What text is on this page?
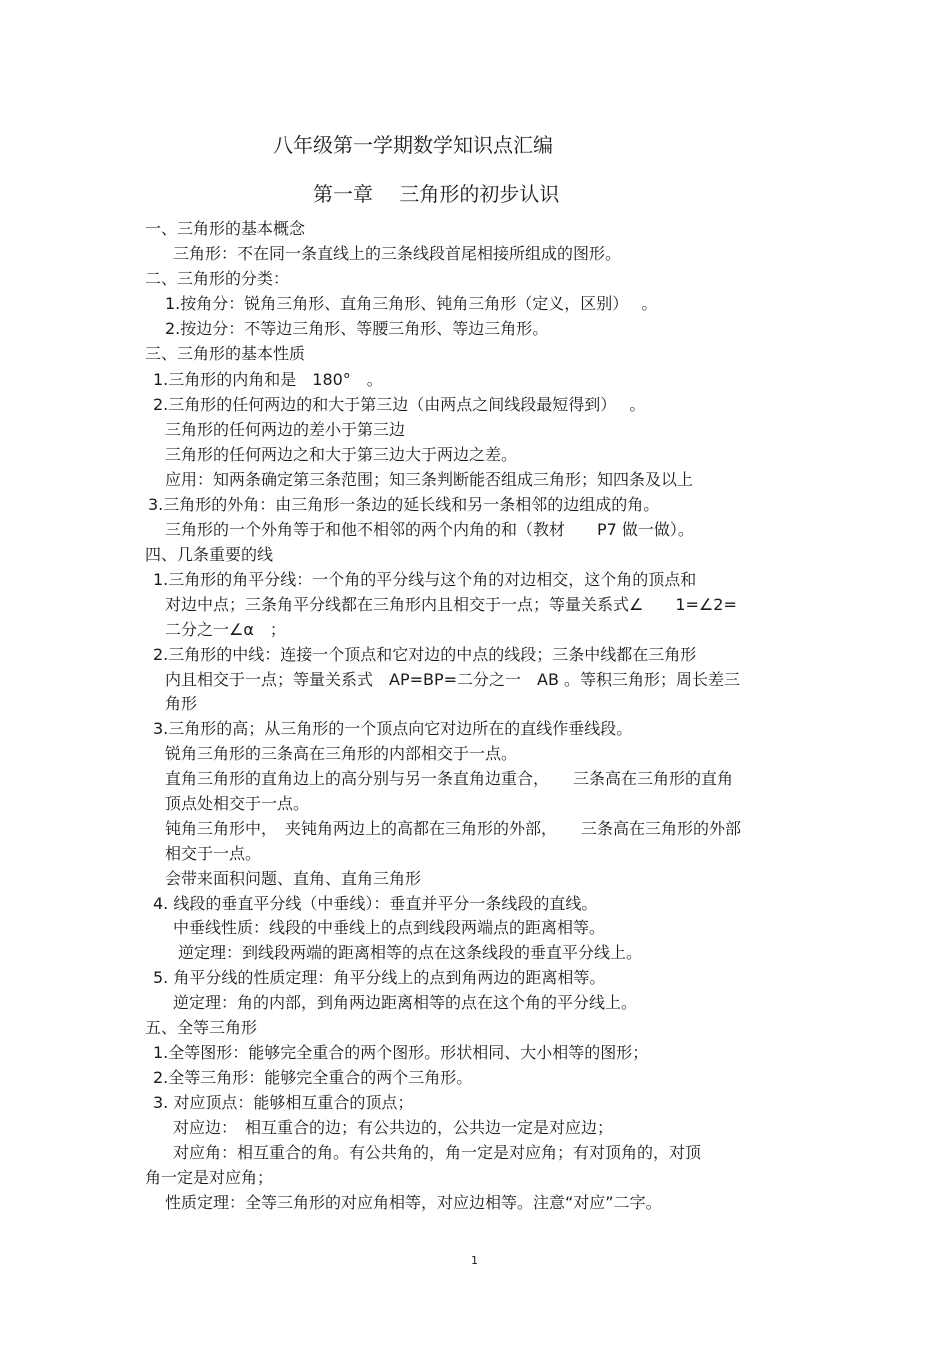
八年级第一学期数学知识点汇编
第一章　 三角形的初步认识
一、三角形的基本概念
三角形：不在同一条直线上的三条线段首尾相接所组成的图形。
二、三角形的分类：
1.按角分：锐角三角形、直角三角形、钝角三角形（定义，区别）　 。
2.按边分：不等边三角形、等腰三角形、等边三角形。
三、三角形的基本性质
1.三角形的内角和是　180°　。
2.三角形的任何两边的和大于第三边（由两点之间线段最短得到）　 。
三角形的任何两边的差小于第三边
三角形的任何两边之和大于第三边大于两边之差。
应用：知两条确定第三条范围；知三条判断能否组成三角形；知四条及以上
3.三角形的外角：由三角形一条边的延长线和另一条相邻的边组成的角。
三角形的一个外角等于和他不相邻的两个内角的和（教材　　P7 做一做）。
四、几条重要的线
1.三角形的角平分线：一个角的平分线与这个角的对边相交，这个角的顶点和
对边中点；三条角平分线都在三角形内且相交于一点；等量关系式∠　　1=∠2=
二分之一∠α　；
2.三角形的中线：连接一个顶点和它对边的中点的线段；三条中线都在三角形
内且相交于一点；等量关系式　AP=BP=二分之一　AB 。等积三角形；周长差三
角形
3.三角形的高；从三角形的一个顶点向它对边所在的直线作垂线段。
锐角三角形的三条高在三角形的内部相交于一点。
直角三角形的直角边上的高分别与另一条直角边重合，　　三条高在三角形的直角
顶点处相交于一点。
钝角三角形中，　夹钝角两边上的高都在三角形的外部，　　三条高在三角形的外部
相交于一点。
会带来面积问题、直角、直角三角形
4. 线段的垂直平分线（中垂线）：垂直并平分一条线段的直线。
中垂线性质：线段的中垂线上的点到线段两端点的距离相等。
逆定理：到线段两端的距离相等的点在这条线段的垂直平分线上。
5. 角平分线的性质定理：角平分线上的点到角两边的距离相等。
逆定理：角的内部，到角两边距离相等的点在这个角的平分线上。
五、全等三角形
1.全等图形：能够完全重合的两个图形。形状相同、大小相等的图形；
2.全等三角形：能够完全重合的两个三角形。
3. 对应顶点：能够相互重合的顶点；
对应边：　相互重合的边；有公共边的，公共边一定是对应边；
对应角：相互重合的角。有公共角的，角一定是对应角；有对顶角的，对顶
角一定是对应角；
性质定理：全等三角形的对应角相等，对应边相等。注意“对应”二字。
1
